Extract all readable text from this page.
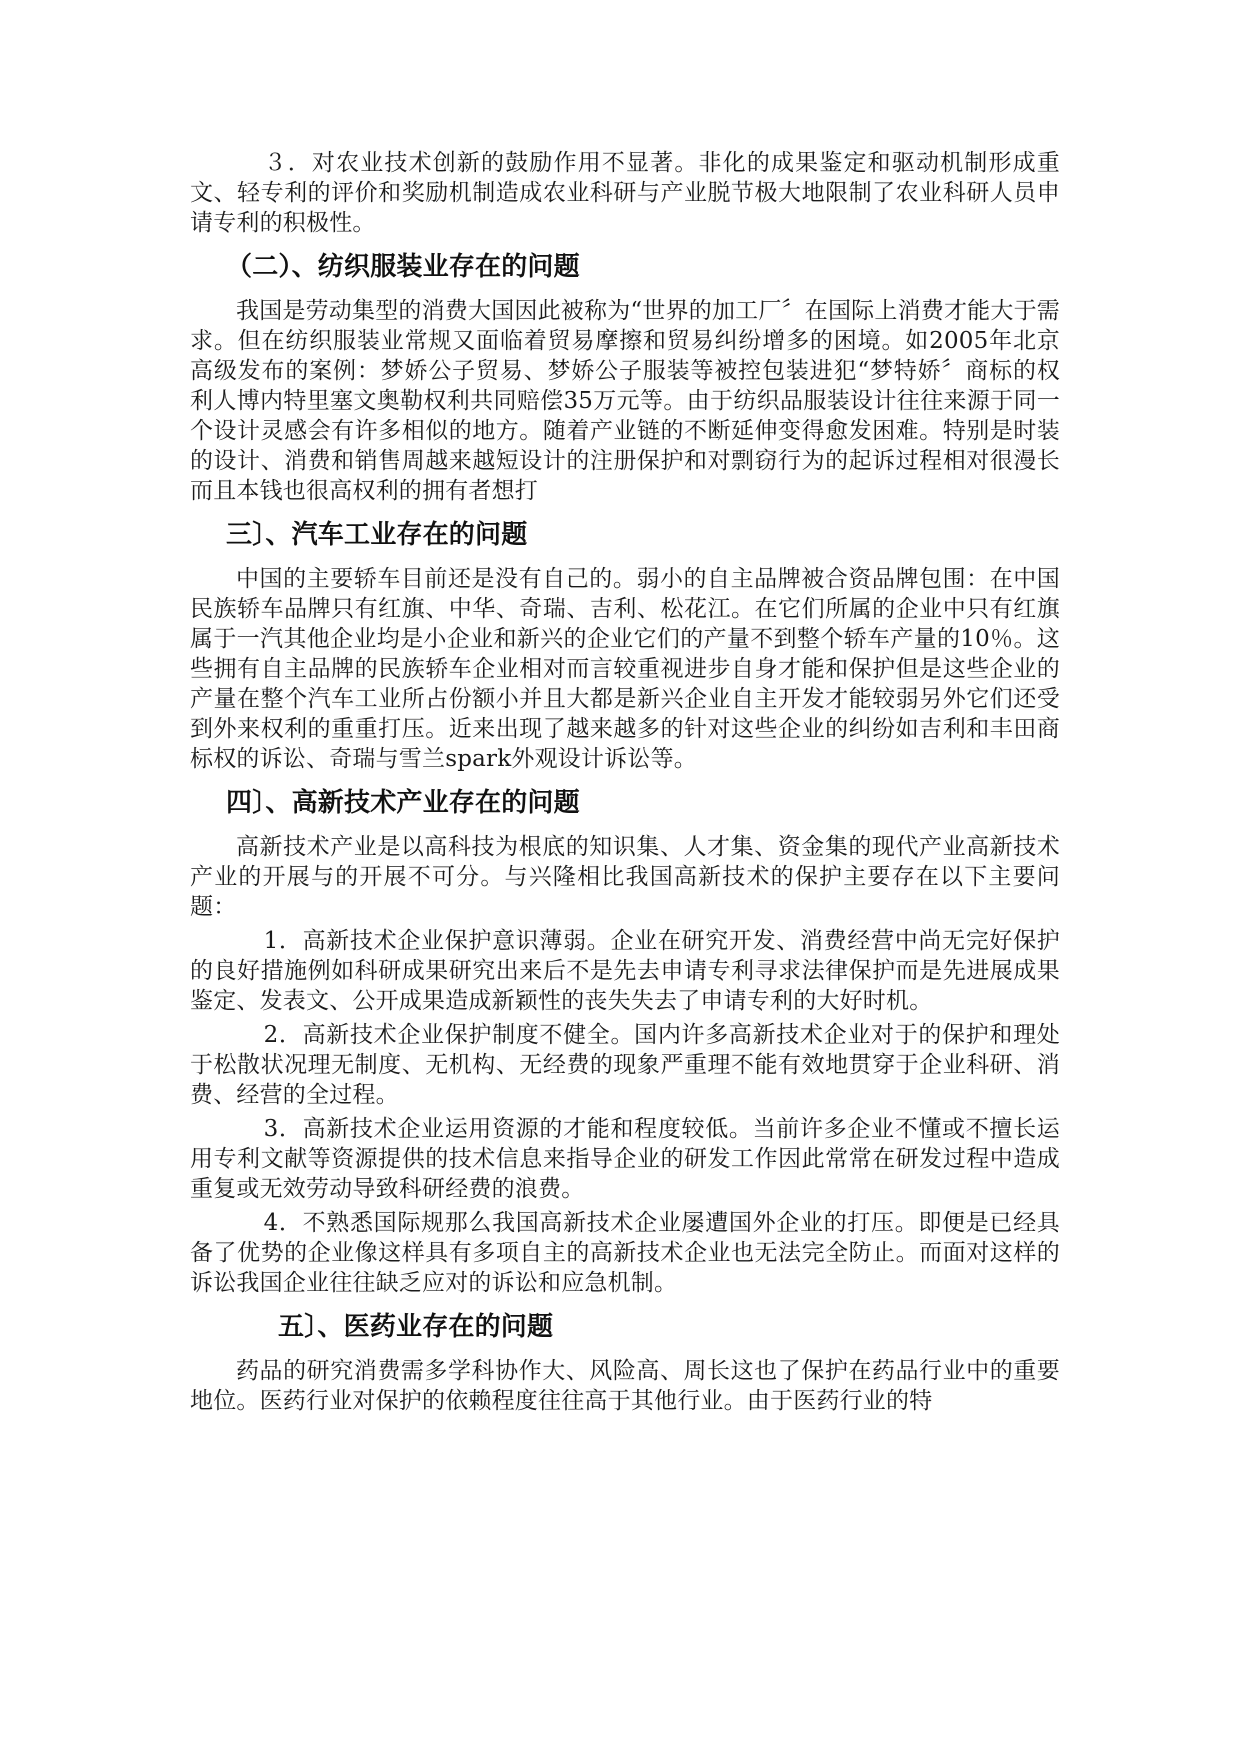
３．对农业技术创新的鼓励作用不显著。非化的成果鉴定和驱动机制形成重文、轻专利的评价和奖励机制造成农业科研与产业脱节极大地限制了农业科研人员申请专利的积极性。

（二）、纺织服装业存在的问题

我国是劳动集型的消费大国因此被称为“世界的加工厂〞在国际上消费才能大于需求。但在纺织服装业常规又面临着贸易摩擦和贸易纠纷增多的困境。如2005年北京高级发布的案例：梦娇公子贸易、梦娇公子服装等被控包装进犯“梦特娇〞商标的权利人博内特里塞文奥勒权利共同赔偿35万元等。由于纺织品服装设计往往来源于同一个设计灵感会有许多相似的地方。随着产业链的不断延伸变得愈发困难。特别是时装的设计、消费和销售周越来越短设计的注册保护和对剽窃行为的起诉过程相对很漫长而且本钱也很高权利的拥有者想打

三〕、汽车工业存在的问题

中国的主要轿车目前还是没有自己的。弱小的自主品牌被合资品牌包围：在中国民族轿车品牌只有红旗、中华、奇瑞、吉利、松花江。在它们所属的企业中只有红旗属于一汽其他企业均是小企业和新兴的企业它们的产量不到整个轿车产量的10％。这些拥有自主品牌的民族轿车企业相对而言较重视进步自身才能和保护但是这些企业的产量在整个汽车工业所占份额小并且大都是新兴企业自主开发才能较弱另外它们还受到外来权利的重重打压。近来出现了越来越多的针对这些企业的纠纷如吉利和丰田商标权的诉讼、奇瑞与雪兰spark外观设计诉讼等。

四〕、高新技术产业存在的问题

高新技术产业是以高科技为根底的知识集、人才集、资金集的现代产业高新技术产业的开展与的开展不可分。与兴隆相比我国高新技术的保护主要存在以下主要问题：

1．高新技术企业保护意识薄弱。企业在研究开发、消费经营中尚无完好保护的良好措施例如科研成果研究出来后不是先去申请专利寻求法律保护而是先进展成果鉴定、发表文、公开成果造成新颖性的丧失失去了申请专利的大好时机。

2．高新技术企业保护制度不健全。国内许多高新技术企业对于的保护和理处于松散状况理无制度、无机构、无经费的现象严重理不能有效地贯穿于企业科研、消费、经营的全过程。

3．高新技术企业运用资源的才能和程度较低。当前许多企业不懂或不擅长运用专利文献等资源提供的技术信息来指导企业的研发工作因此常常在研发过程中造成重复或无效劳动导致科研经费的浪费。

4．不熟悉国际规那么我国高新技术企业屡遭国外企业的打压。即便是已经具备了优势的企业像这样具有多项自主的高新技术企业也无法完全防止。而面对这样的诉讼我国企业往往缺乏应对的诉讼和应急机制。

五〕、医药业存在的问题

药品的研究消费需多学科协作大、风险高、周长这也了保护在药品行业中的重要地位。医药行业对保护的依赖程度往往高于其他行业。由于医药行业的特
